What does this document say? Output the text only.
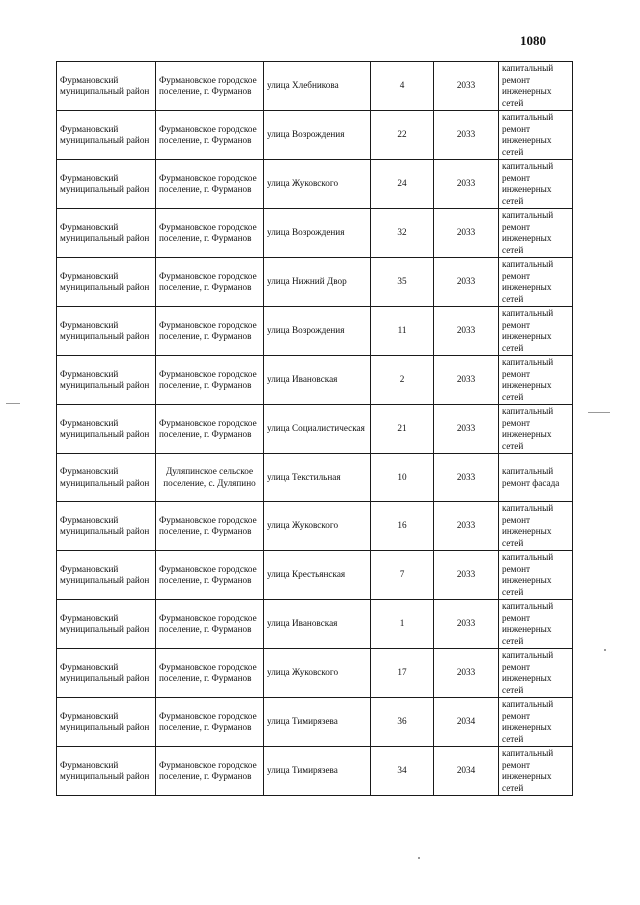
1080
Фурмановский муниципальный район	Фурмановское городское поселение, г. Фурманов	улица Хлебникова	4	2033	капитальный ремонт инженерных сетей
Фурмановский муниципальный район	Фурмановское городское поселение, г. Фурманов	улица Возрождения	22	2033	капитальный ремонт инженерных сетей
Фурмановский муниципальный район	Фурмановское городское поселение, г. Фурманов	улица Жуковского	24	2033	капитальный ремонт инженерных сетей
Фурмановский муниципальный район	Фурмановское городское поселение, г. Фурманов	улица Возрождения	32	2033	капитальный ремонт инженерных сетей
Фурмановский муниципальный район	Фурмановское городское поселение, г. Фурманов	улица Нижний Двор	35	2033	капитальный ремонт инженерных сетей
Фурмановский муниципальный район	Фурмановское городское поселение, г. Фурманов	улица Возрождения	11	2033	капитальный ремонт инженерных сетей
Фурмановский муниципальный район	Фурмановское городское поселение, г. Фурманов	улица Ивановская	2	2033	капитальный ремонт инженерных сетей
Фурмановский муниципальный район	Фурмановское городское поселение, г. Фурманов	улица Социалистическая	21	2033	капитальный ремонт инженерных сетей
Фурмановский муниципальный район	Дуляпинское сельское поселение, с. Дуляпино	улица Текстильная	10	2033	капитальный ремонт фасада
Фурмановский муниципальный район	Фурмановское городское поселение, г. Фурманов	улица Жуковского	16	2033	капитальный ремонт инженерных сетей
Фурмановский муниципальный район	Фурмановское городское поселение, г. Фурманов	улица Крестьянская	7	2033	капитальный ремонт инженерных сетей
Фурмановский муниципальный район	Фурмановское городское поселение, г. Фурманов	улица Ивановская	1	2033	капитальный ремонт инженерных сетей
Фурмановский муниципальный район	Фурмановское городское поселение, г. Фурманов	улица Жуковского	17	2033	капитальный ремонт инженерных сетей
Фурмановский муниципальный район	Фурмановское городское поселение, г. Фурманов	улица Тимирязева	36	2034	капитальный ремонт инженерных сетей
Фурмановский муниципальный район	Фурмановское городское поселение, г. Фурманов	улица Тимирязева	34	2034	капитальный ремонт инженерных сетей
